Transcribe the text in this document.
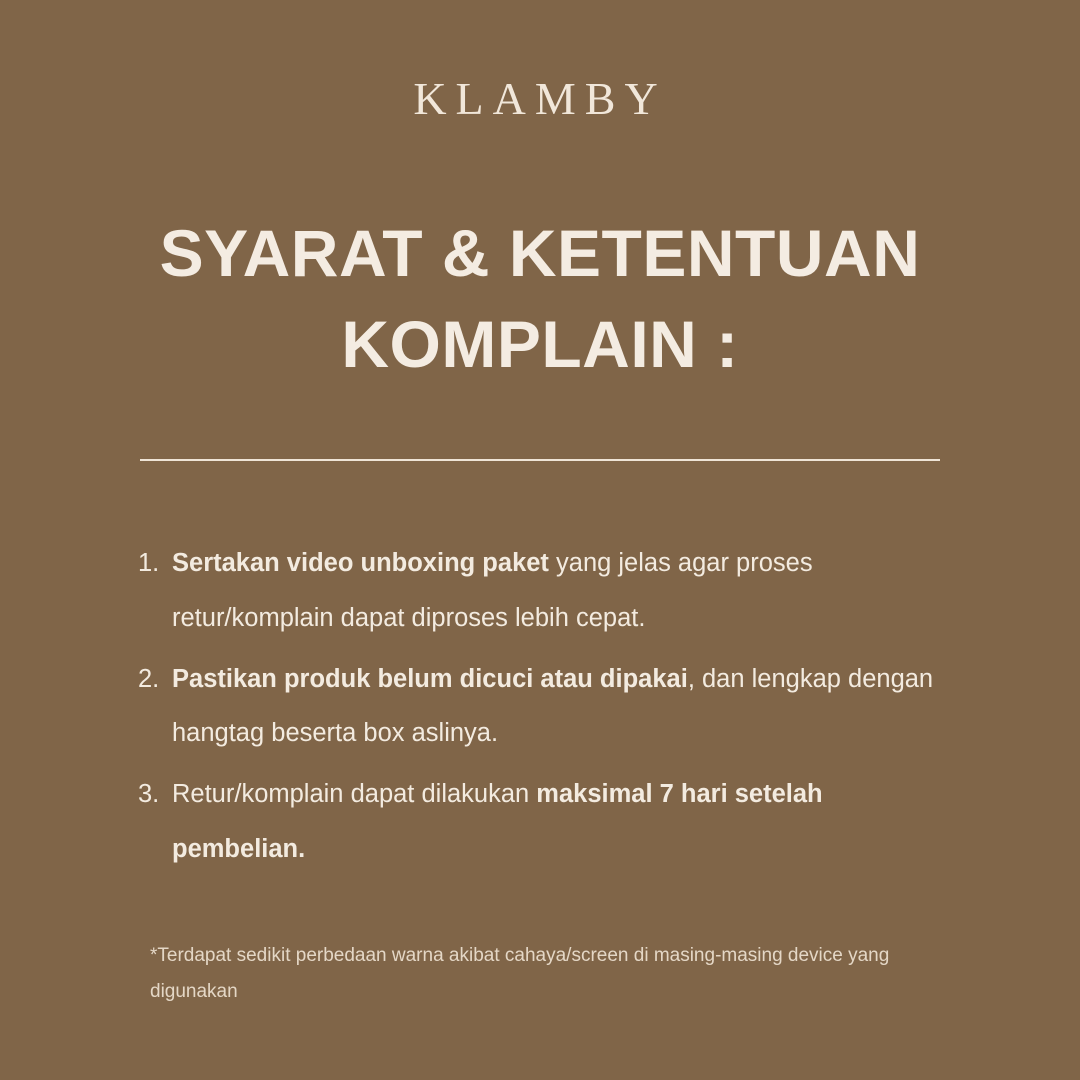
KLAMBY
SYARAT & KETENTUAN
KOMPLAIN :
1. Sertakan video unboxing paket yang jelas agar proses retur/komplain dapat diproses lebih cepat.
2. Pastikan produk belum dicuci atau dipakai, dan lengkap dengan hangtag beserta box aslinya.
3. Retur/komplain dapat dilakukan maksimal 7 hari setelah pembelian.
*Terdapat sedikit perbedaan warna akibat cahaya/screen di masing-masing device yang digunakan
